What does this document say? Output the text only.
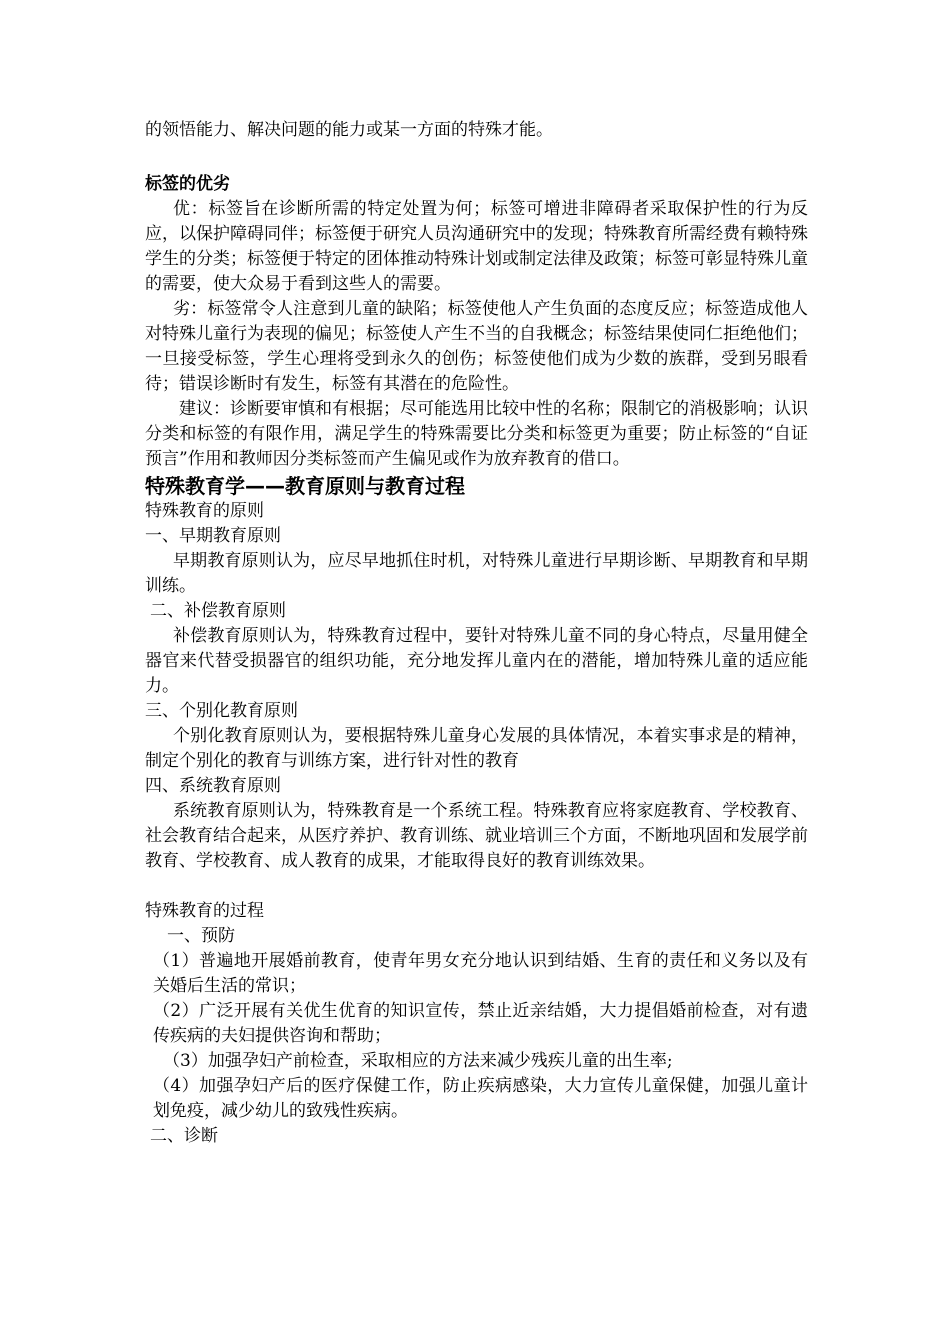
的领悟能力、解决问题的能力或某一方面的特殊才能。

标签的优劣

优：标签旨在诊断所需的特定处置为何；标签可增进非障碍者采取保护性的行为反应，以保护障碍同伴；标签便于研究人员沟通研究中的发现；特殊教育所需经费有赖特殊学生的分类；标签便于特定的团体推动特殊计划或制定法律及政策；标签可彰显特殊儿童的需要，使大众易于看到这些人的需要。

劣：标签常令人注意到儿童的缺陷；标签使他人产生负面的态度反应；标签造成他人对特殊儿童行为表现的偏见；标签使人产生不当的自我概念；标签结果使同仁拒绝他们；一旦接受标签，学生心理将受到永久的创伤；标签使他们成为少数的族群，受到另眼看待；错误诊断时有发生，标签有其潜在的危险性。

建议：诊断要审慎和有根据；尽可能选用比较中性的名称；限制它的消极影响；认识分类和标签的有限作用，满足学生的特殊需要比分类和标签更为重要；防止标签的“自证预言”作用和教师因分类标签而产生偏见或作为放弃教育的借口。

特殊教育学——教育原则与教育过程
特殊教育的原则
一、早期教育原则

早期教育原则认为，应尽早地抓住时机，对特殊儿童进行早期诊断、早期教育和早期训练。

二、补偿教育原则

补偿教育原则认为，特殊教育过程中，要针对特殊儿童不同的身心特点，尽量用健全器官来代替受损器官的组织功能，充分地发挥儿童内在的潜能，增加特殊儿童的适应能力。

三、个别化教育原则

个别化教育原则认为，要根据特殊儿童身心发展的具体情况，本着实事求是的精神，制定个别化的教育与训练方案，进行针对性的教育

四、系统教育原则

系统教育原则认为，特殊教育是一个系统工程。特殊教育应将家庭教育、学校教育、社会教育结合起来，从医疗养护、教育训练、就业培训三个方面，不断地巩固和发展学前教育、学校教育、成人教育的成果，才能取得良好的教育训练效果。

特殊教育的过程
一、预防

（1）普遍地开展婚前教育，使青年男女充分地认识到结婚、生育的责任和义务以及有关婚后生活的常识；

（2）广泛开展有关优生优育的知识宣传，禁止近亲结婚，大力提倡婚前检查，对有遗传疾病的夫妇提供咨询和帮助；

（3）加强孕妇产前检查，采取相应的方法来减少残疾儿童的出生率;

（4）加强孕妇产后的医疗保健工作，防止疾病感染，大力宣传儿童保健，加强儿童计划免疫，减少幼儿的致残性疾病。

二、诊断
